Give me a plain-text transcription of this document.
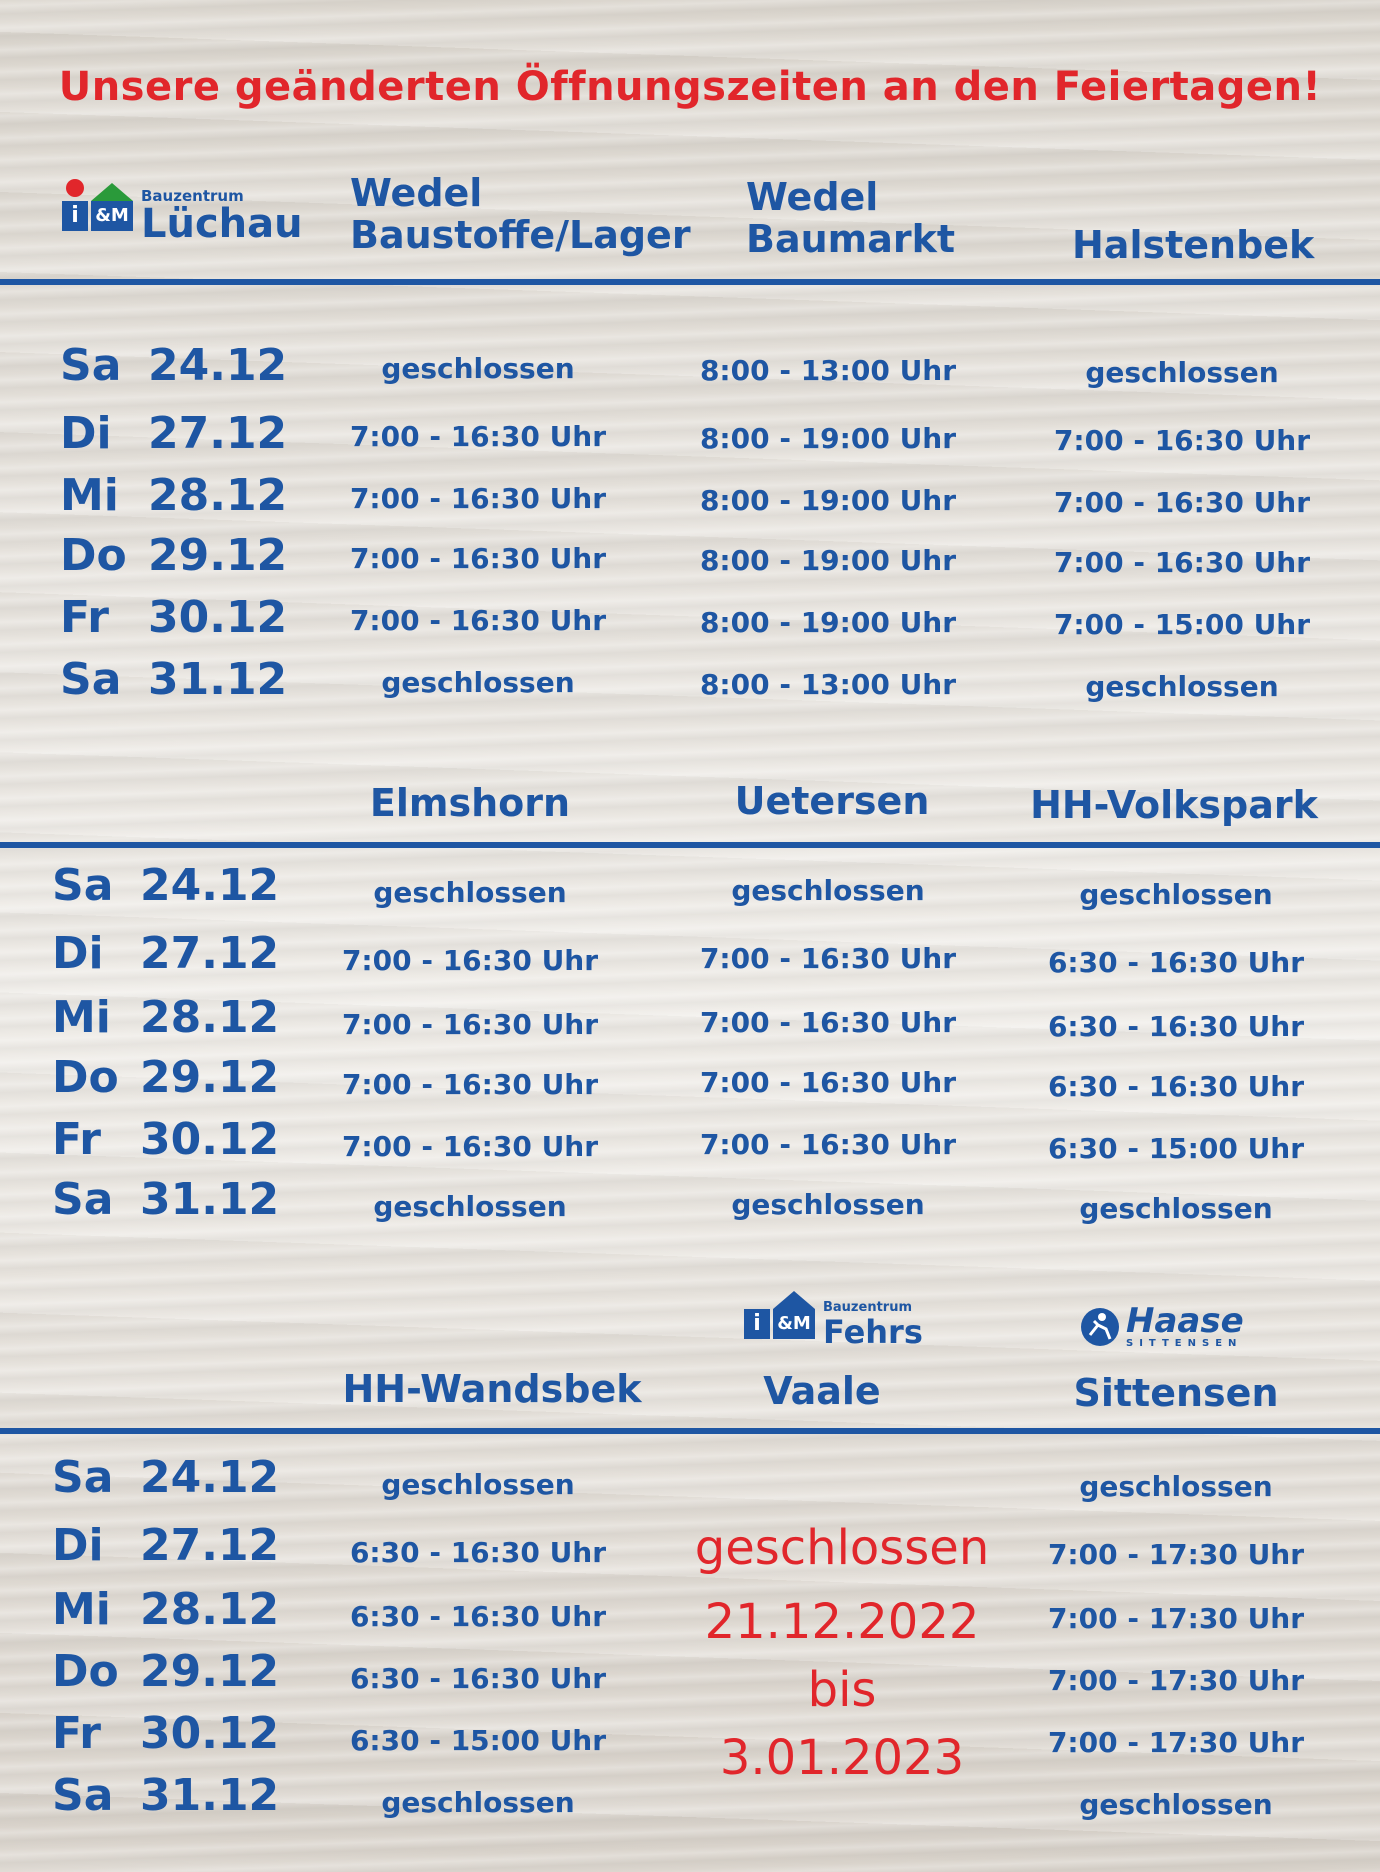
Unsere geänderten Öffnungszeiten an den Feiertagen!
i &M
Bauzentrum
Lüchau
Wedel
Baustoffe/Lager
Wedel
Baumarkt	Halstenbek
Elmshorn	Uetersen	HH-Volkspark
i &M
Bauzentrum
Fehrs	Haase
SITTENSEN
HH-Wandsbek	Vaale	Sittensen
geschlossen
21.12.2022
bis
3.01.2023
Sa 24.12	geschlossen	8:00 - 13:00 Uhr	geschlossen
Di 27.12	7:00 - 16:30 Uhr	8:00 - 19:00 Uhr	7:00 - 16:30 Uhr
Mi 28.12	7:00 - 16:30 Uhr	8:00 - 19:00 Uhr	7:00 - 16:30 Uhr
Do 29.12	7:00 - 16:30 Uhr	8:00 - 19:00 Uhr	7:00 - 16:30 Uhr
Fr 30.12	7:00 - 16:30 Uhr	8:00 - 19:00 Uhr	7:00 - 15:00 Uhr
Sa 31.12	geschlossen	8:00 - 13:00 Uhr	geschlossen
Sa 24.12	geschlossen	geschlossen	geschlossen
Di 27.12	7:00 - 16:30 Uhr	7:00 - 16:30 Uhr	6:30 - 16:30 Uhr
Mi 28.12	7:00 - 16:30 Uhr	7:00 - 16:30 Uhr	6:30 - 16:30 Uhr
Do 29.12	7:00 - 16:30 Uhr	7:00 - 16:30 Uhr	6:30 - 16:30 Uhr
Fr 30.12	7:00 - 16:30 Uhr	7:00 - 16:30 Uhr	6:30 - 15:00 Uhr
Sa 31.12	geschlossen	geschlossen	geschlossen
Sa 24.12	geschlossen	geschlossen
Di 27.12	6:30 - 16:30 Uhr	7:00 - 17:30 Uhr
Mi 28.12	6:30 - 16:30 Uhr	7:00 - 17:30 Uhr
Do 29.12	6:30 - 16:30 Uhr	7:00 - 17:30 Uhr
Fr 30.12	6:30 - 15:00 Uhr	7:00 - 17:30 Uhr
Sa 31.12	geschlossen	geschlossen
